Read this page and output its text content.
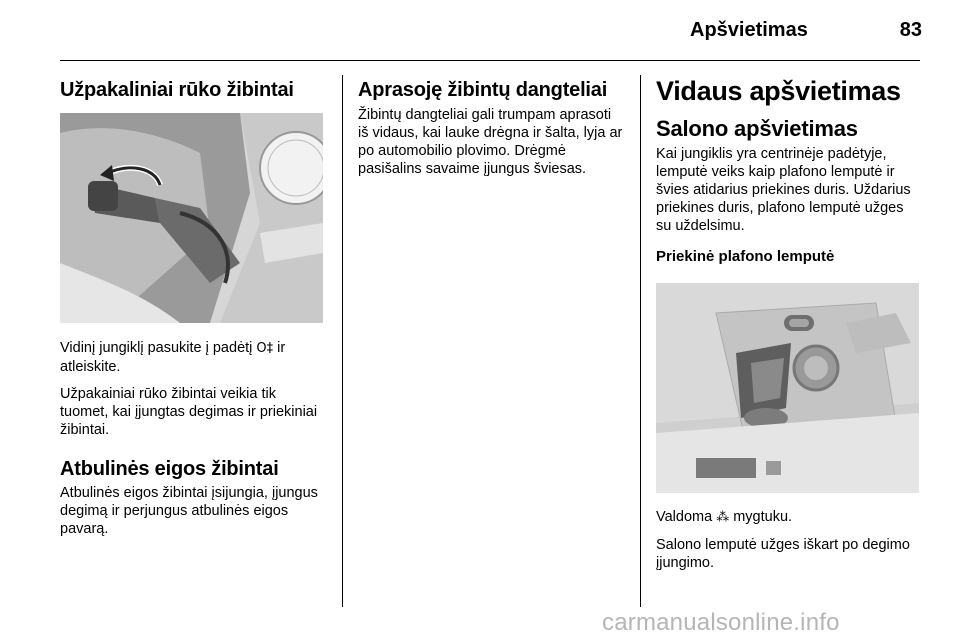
Apšvietimas	83
Užpakaliniai rūko žibintai

Vidinį jungiklį pasukite į padėtį O‡ ir atleiskite.

Užpakainiai rūko žibintai veikia tik tuomet, kai įjungtas degimas ir priekiniai žibintai.

Atbulinės eigos žibintai

Atbulinės eigos žibintai įsijungia, įjungus degimą ir perjungus atbulinės eigos pavarą.

Aprasoję žibintų dangteliai

Žibintų dangteliai gali trumpam aprasoti iš vidaus, kai lauke drėgna ir šalta, lyja ar po automobilio plovimo. Drėgmė pasišalins savaime įjungus šviesas.

Vidaus apšvietimas
Salono apšvietimas

Kai jungiklis yra centrinėje padėtyje, lemputė veiks kaip plafono lemputė ir švies atidarius priekines duris. Uždarius priekines duris, plafono lemputė užges su uždelsimu.

Priekinė plafono lemputė

Valdoma ⁂ mygtuku.

Salono lemputė užges iškart po degimo įjungimo.

carmanualsonline.info
